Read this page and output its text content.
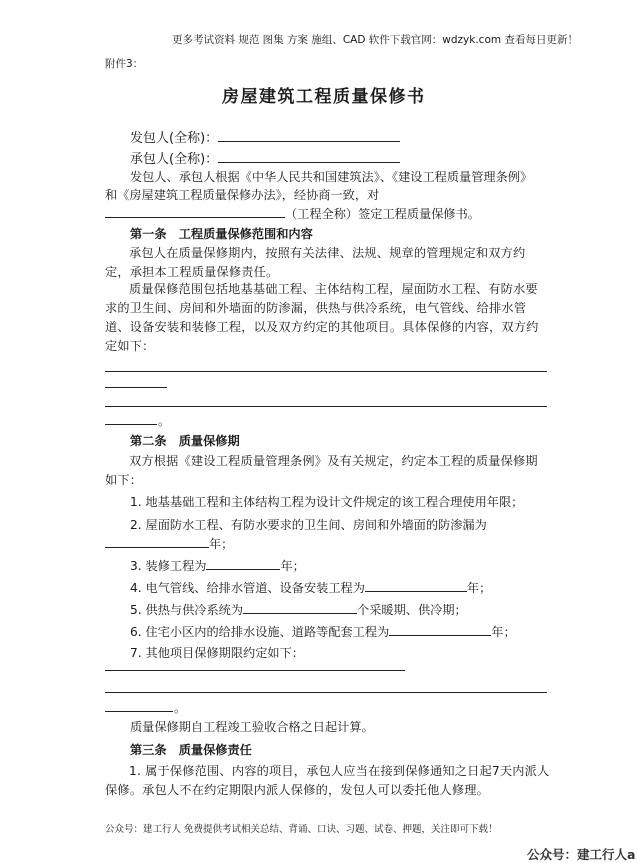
更多考试资料 规范 图集 方案 施组、CAD 软件下载官网：wdzyk.com 查看每日更新！
附件3：
房屋建筑工程质量保修书
发包人(全称)：
承包人(全称)：
发包人、承包人根据《中华人民共和国建筑法》、《建设工程质量管理条例》
和《房屋建筑工程质量保修办法》，经协商一致，对
（工程全称）签定工程质量保修书。
第一条　工程质量保修范围和内容
承包人在质量保修期内，按照有关法律、法规、规章的管理规定和双方约定，承担本工程质量保修责任。
质量保修范围包括地基基础工程、主体结构工程，屋面防水工程、有防水要求的卫生间、房间和外墙面的防渗漏，供热与供冷系统，电气管线、给排水管道、设备安装和装修工程，以及双方约定的其他项目。具体保修的内容，双方约定如下：
。
第二条　质量保修期
双方根据《建设工程质量管理条例》及有关规定，约定本工程的质量保修期如下：
1. 地基基础工程和主体结构工程为设计文件规定的该工程合理使用年限；
2. 屋面防水工程、有防水要求的卫生间、房间和外墙面的防渗漏为
年；
3. 装修工程为	年；
4. 电气管线、给排水管道、设备安装工程为	年；
5. 供热与供冷系统为	个采暖期、供冷期；
6. 住宅小区内的给排水设施、道路等配套工程为	年；
7. 其他项目保修期限约定如下：
。
质量保修期自工程竣工验收合格之日起计算。
第三条　质量保修责任
1. 属于保修范围、内容的项目，承包人应当在接到保修通知之日起7天内派人保修。承包人不在约定期限内派人保修的，发包人可以委托他人修理。
公众号：建工行人 免费提供考试相关总结、背诵、口诀、习题、试卷、押题，关注即可下载！
公众号：建工行人a
